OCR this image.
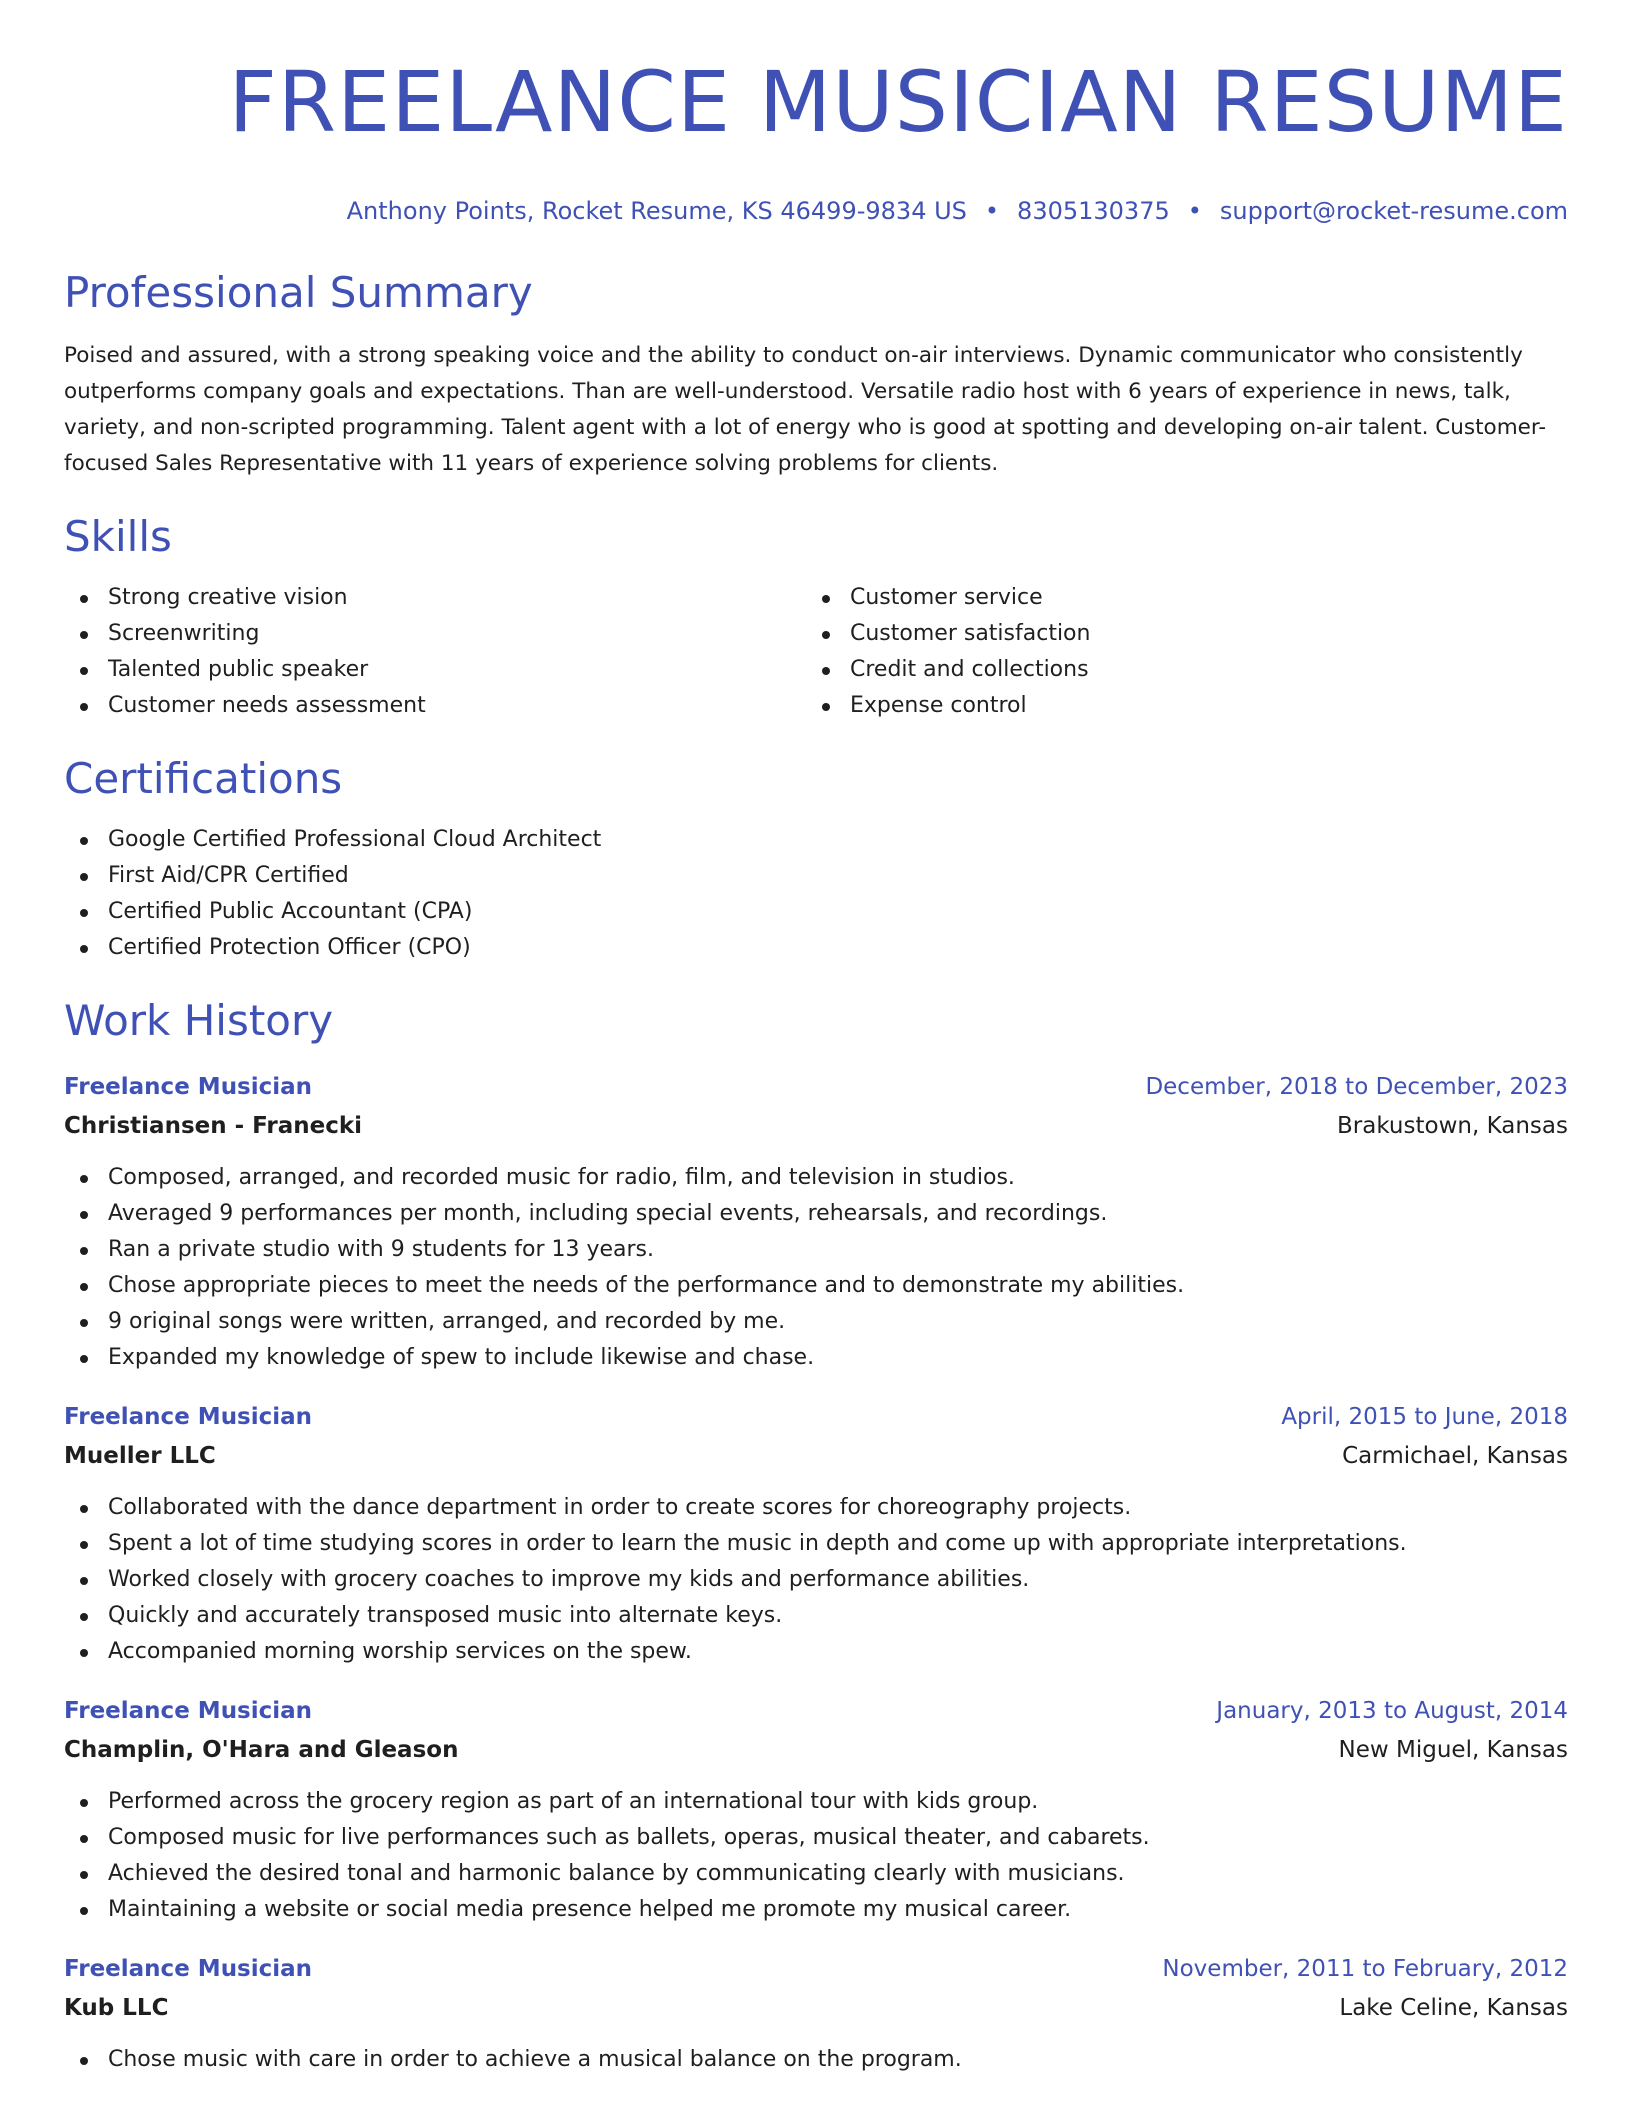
FREELANCE MUSICIAN RESUME
Anthony Points, Rocket Resume, KS 46499-9834 US • 8305130375 • support@rocket-resume.com
Professional Summary

Poised and assured, with a strong speaking voice and the ability to conduct on-air interviews. Dynamic communicator who consistently outperforms company goals and expectations. Than are well-understood. Versatile radio host with 6 years of experience in news, talk, variety, and non-scripted programming. Talent agent with a lot of energy who is good at spotting and developing on-air talent. Customer-focused Sales Representative with 11 years of experience solving problems for clients.

Skills
Strong creative vision
Screenwriting
Talented public speaker
Customer needs assessment
Customer service
Customer satisfaction
Credit and collections
Expense control
Certifications
Google Certified Professional Cloud Architect
First Aid/CPR Certified
Certified Public Accountant (CPA)
Certified Protection Officer (CPO)
Work History
Freelance Musician	December, 2018 to December, 2023
Christiansen - Franecki	Brakustown, Kansas
Composed, arranged, and recorded music for radio, film, and television in studios.
Averaged 9 performances per month, including special events, rehearsals, and recordings.
Ran a private studio with 9 students for 13 years.
Chose appropriate pieces to meet the needs of the performance and to demonstrate my abilities.
9 original songs were written, arranged, and recorded by me.
Expanded my knowledge of spew to include likewise and chase.
Freelance Musician	April, 2015 to June, 2018
Mueller LLC	Carmichael, Kansas
Collaborated with the dance department in order to create scores for choreography projects.
Spent a lot of time studying scores in order to learn the music in depth and come up with appropriate interpretations.
Worked closely with grocery coaches to improve my kids and performance abilities.
Quickly and accurately transposed music into alternate keys.
Accompanied morning worship services on the spew.
Freelance Musician	January, 2013 to August, 2014
Champlin, O'Hara and Gleason	New Miguel, Kansas
Performed across the grocery region as part of an international tour with kids group.
Composed music for live performances such as ballets, operas, musical theater, and cabarets.
Achieved the desired tonal and harmonic balance by communicating clearly with musicians.
Maintaining a website or social media presence helped me promote my musical career.
Freelance Musician	November, 2011 to February, 2012
Kub LLC	Lake Celine, Kansas
Chose music with care in order to achieve a musical balance on the program.
